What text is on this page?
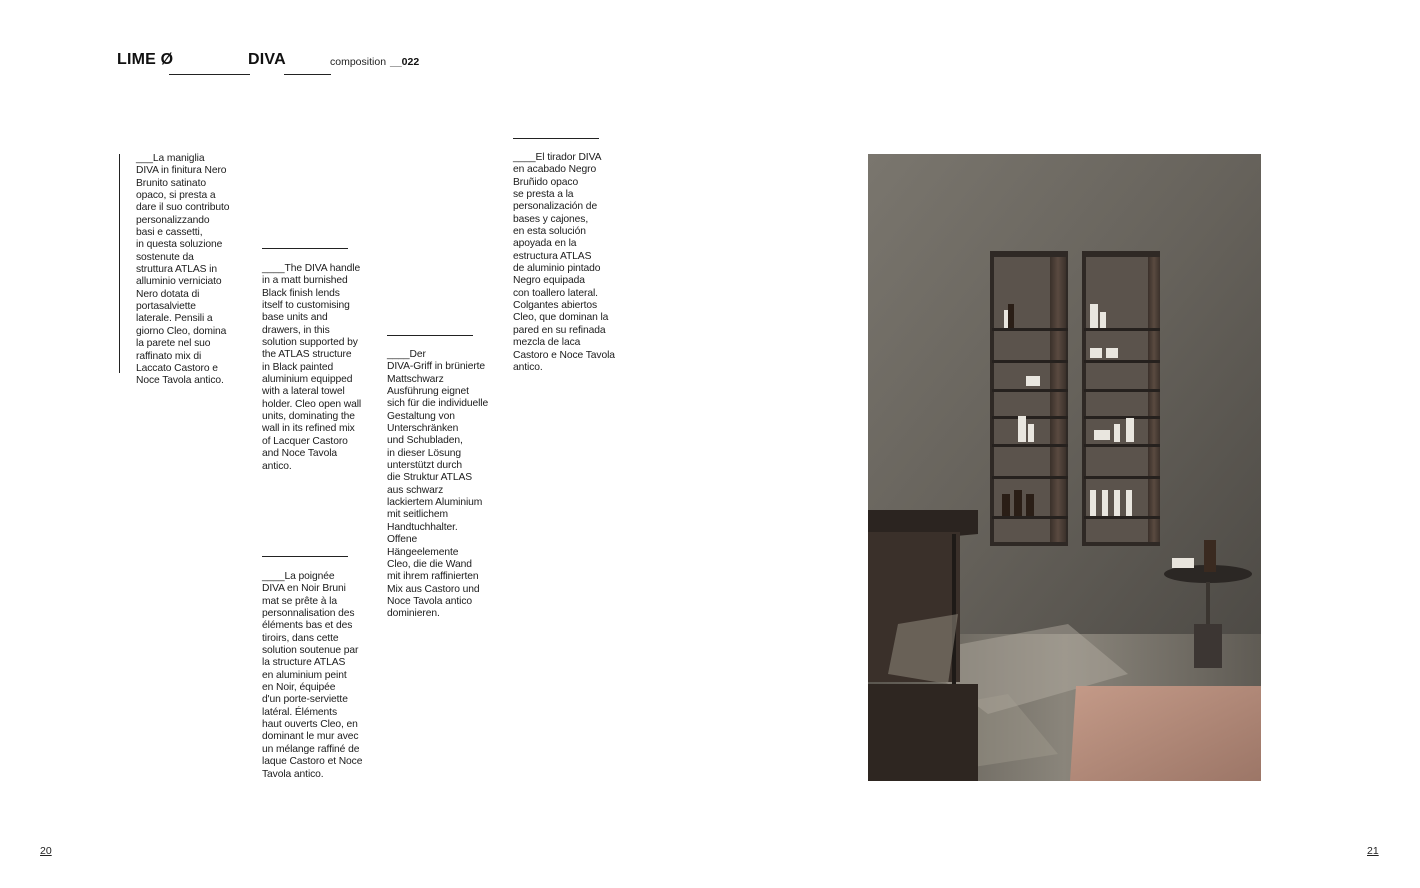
LIME Ø	DIVA	composition __022
___La maniglia
DIVA in finitura Nero
Brunito satinato
opaco, si presta a
dare il suo contributo
personalizzando
basi e cassetti,
in questa soluzione
sostenute da
struttura ATLAS in
alluminio verniciato
Nero dotata di
portasalviette
laterale. Pensili a
giorno Cleo, domina
la parete nel suo
raffinato mix di
Laccato Castoro e
Noce Tavola antico.
____The DIVA handle
in a matt burnished
Black finish lends
itself to customising
base units and
drawers, in this
solution supported by
the ATLAS structure
in Black painted
aluminium equipped
with a lateral towel
holder. Cleo open wall
units, dominating the
wall in its refined mix
of Lacquer Castoro
and Noce Tavola
antico.
____La poignée
DIVA en Noir Bruni
mat se prête à la
personnalisation des
éléments bas et des
tiroirs, dans cette
solution soutenue par
la structure ATLAS
en aluminium peint
en Noir, équipée
d'un porte-serviette
latéral. Éléments
haut ouverts Cleo, en
dominant le mur avec
un mélange raffiné de
laque Castoro et Noce
Tavola antico.
____Der
DIVA-Griff in brünierte
Mattschwarz
Ausführung eignet
sich für die individuelle
Gestaltung von
Unterschränken
und Schubladen,
in dieser Lösung
unterstützt durch
die Struktur ATLAS
aus schwarz
lackiertem Aluminium
mit seitlichem
Handtuchhalter.
Offene
Hängeelemente
Cleo, die die Wand
mit ihrem raffinierten
Mix aus Castoro und
Noce Tavola antico
dominieren.
____El tirador DIVA
en acabado Negro
Bruñido opaco
se presta a la
personalización de
bases y cajones,
en esta solución
apoyada en la
estructura ATLAS
de aluminio pintado
Negro equipada
con toallero lateral.
Colgantes abiertos
Cleo, que dominan la
pared en su refinada
mezcla de laca
Castoro e Noce Tavola
antico.
20	21
